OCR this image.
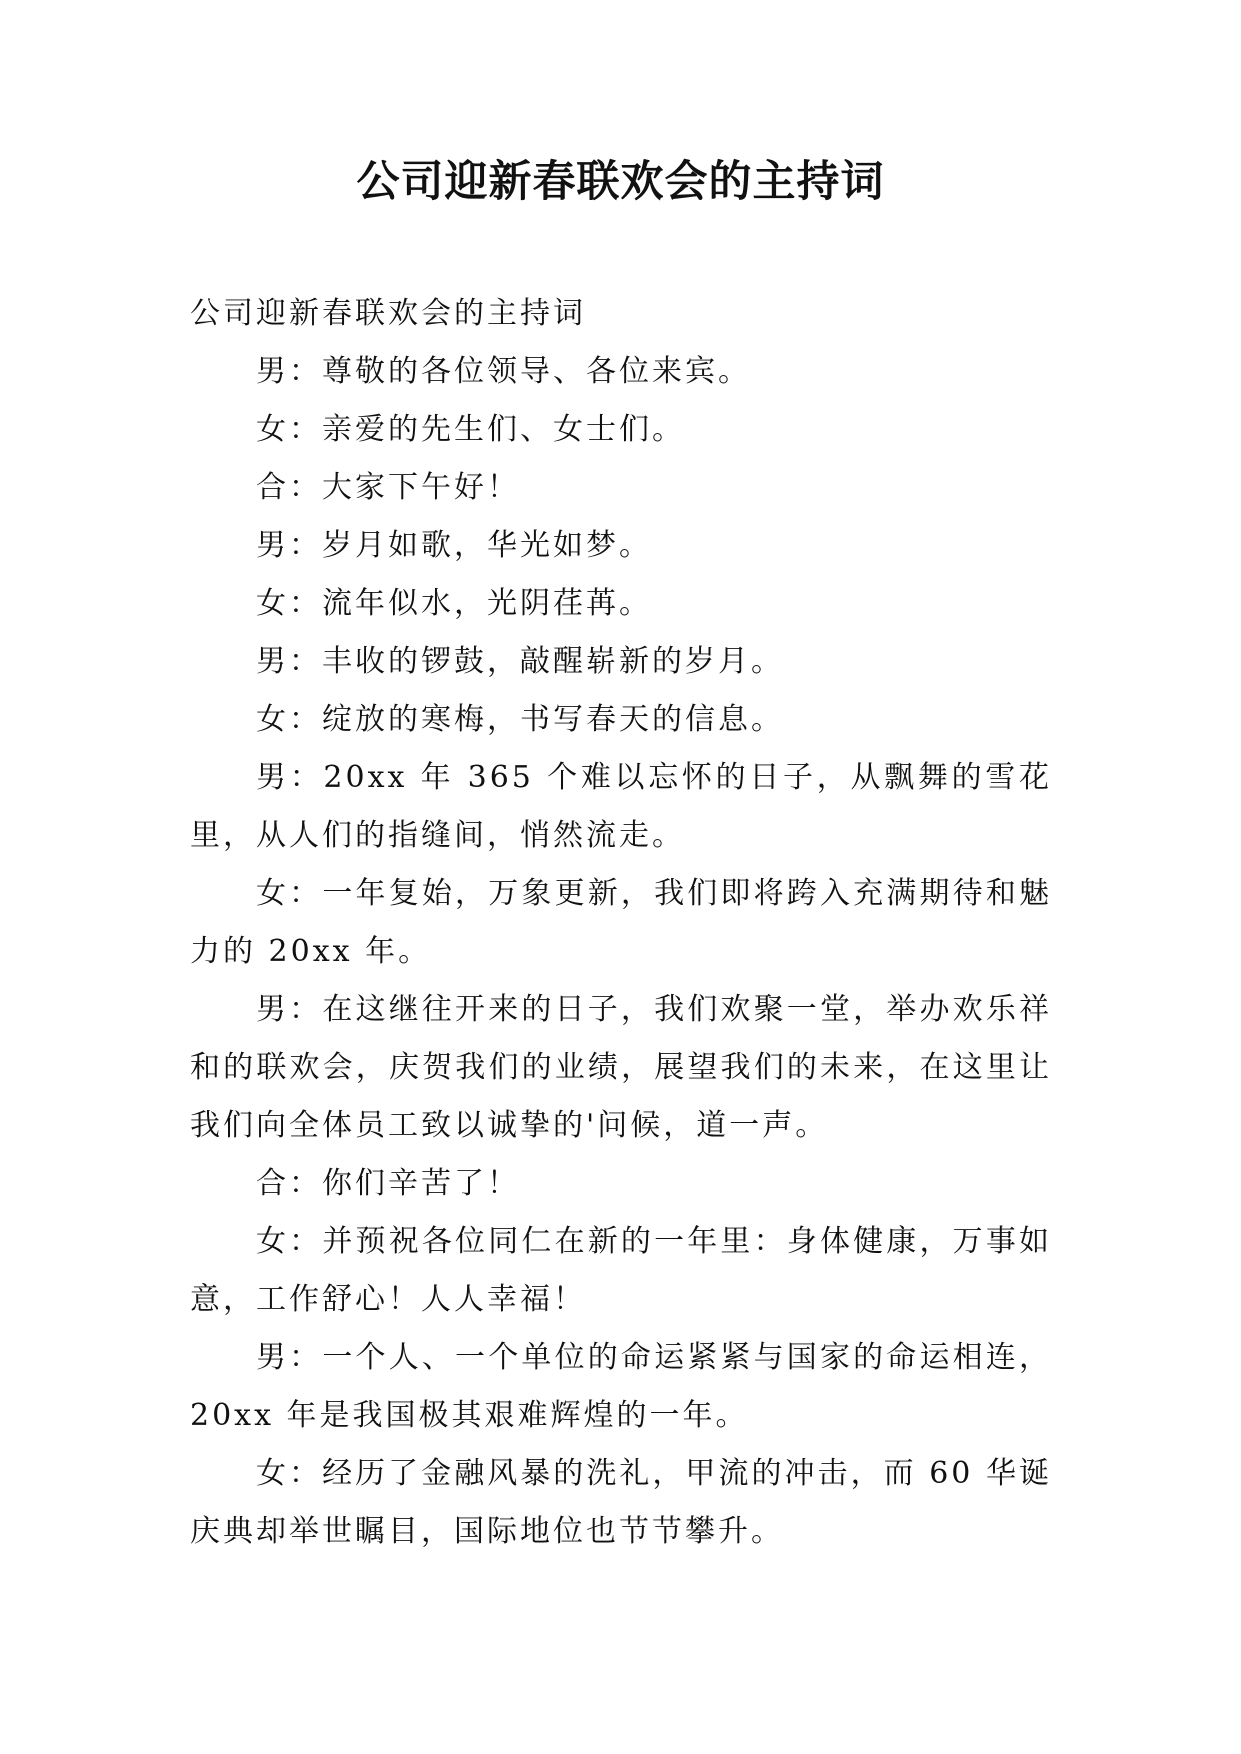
公司迎新春联欢会的主持词

公司迎新春联欢会的主持词

男：尊敬的各位领导、各位来宾。

女：亲爱的先生们、女士们。

合：大家下午好！

男：岁月如歌，华光如梦。

女：流年似水，光阴荏苒。

男：丰收的锣鼓，敲醒崭新的岁月。

女：绽放的寒梅，书写春天的信息。

男：20xx 年 365 个难以忘怀的日子，从飘舞的雪花里，从人们的指缝间，悄然流走。

女：一年复始，万象更新，我们即将跨入充满期待和魅力的 20xx 年。

男：在这继往开来的日子，我们欢聚一堂，举办欢乐祥和的联欢会，庆贺我们的业绩，展望我们的未来，在这里让我们向全体员工致以诚挚的'问候，道一声。

合：你们辛苦了！

女：并预祝各位同仁在新的一年里：身体健康，万事如意，工作舒心！人人幸福！

男：一个人、一个单位的命运紧紧与国家的命运相连，20xx 年是我国极其艰难辉煌的一年。

女：经历了金融风暴的洗礼，甲流的冲击，而 60 华诞庆典却举世瞩目，国际地位也节节攀升。
